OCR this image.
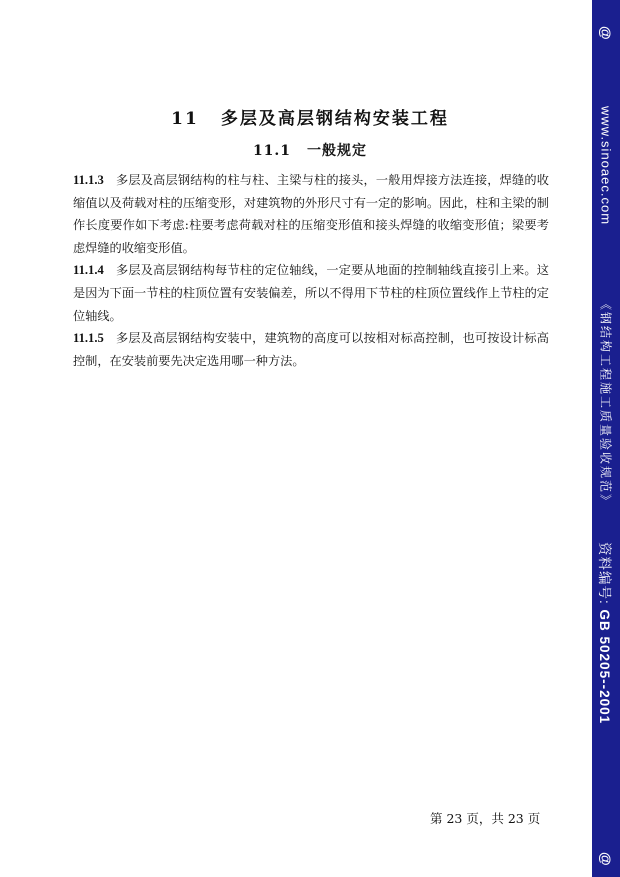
11 多层及高层钢结构安装工程
11.1 一般规定

11.1.3 多层及高层钢结构的柱与柱、主梁与柱的接头，一般用焊接方法连接，焊缝的收缩值以及荷载对柱的压缩变形，对建筑物的外形尺寸有一定的影响。因此，柱和主梁的制作长度要作如下考虑:柱要考虑荷载对柱的压缩变形值和接头焊缝的收缩变形值；梁要考虑焊缝的收缩变形值。

11.1.4 多层及高层钢结构每节柱的定位轴线，一定要从地面的控制轴线直接引上来。这是因为下面一节柱的柱顶位置有安装偏差，所以不得用下节柱的柱顶位置线作上节柱的定位轴线。

11.1.5 多层及高层钢结构安装中，建筑物的高度可以按相对标高控制，也可按设计标高控制，在安装前要先决定选用哪一种方法。

第 23 页，共 23 页
@
www.sinoaec.com
《钢结构工程施工质量验收规范》
资料编号: GB 50205--2001
@
